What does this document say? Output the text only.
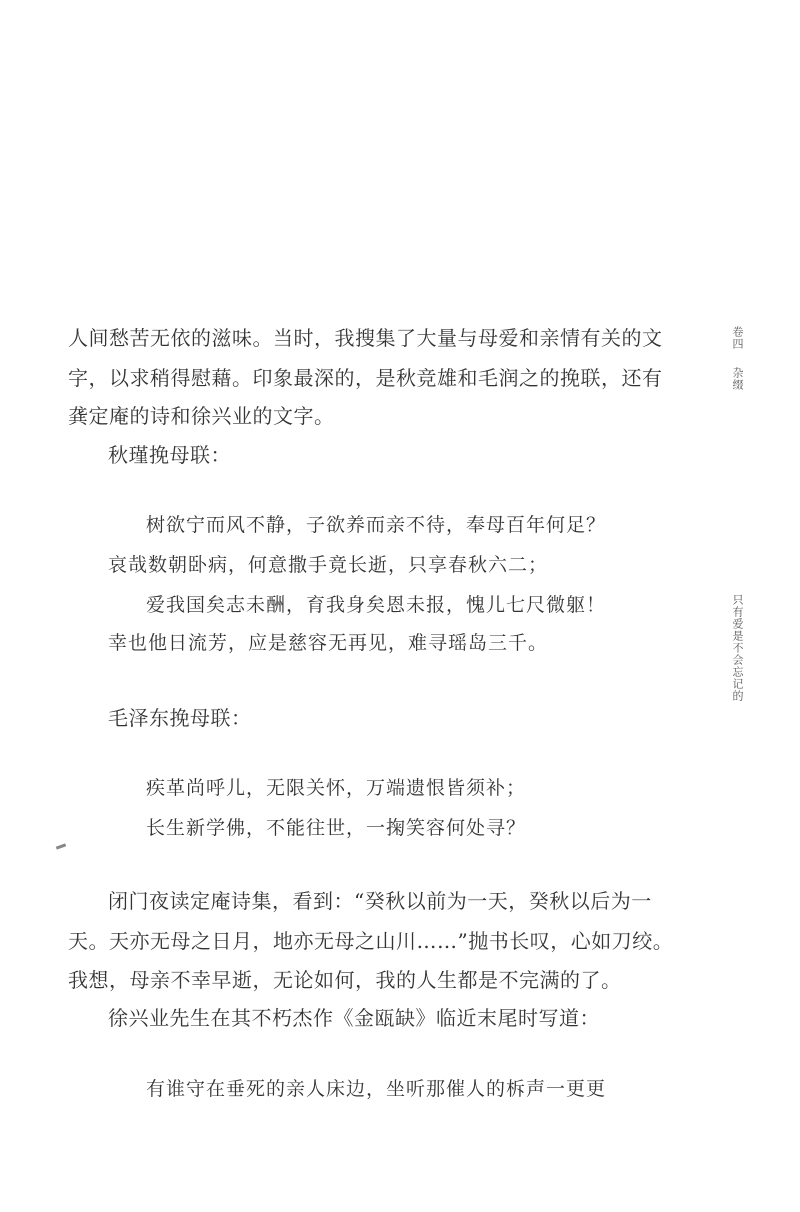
卷四
杂缀
只有爱是不会忘记的
人间愁苦无依的滋味。当时，我搜集了大量与母爱和亲情有关的文
字，以求稍得慰藉。印象最深的，是秋竞雄和毛润之的挽联，还有
龚定庵的诗和徐兴业的文字。
秋瑾挽母联：
树欲宁而风不静，子欲养而亲不待，奉母百年何足？
哀哉数朝卧病，何意撒手竟长逝，只享春秋六二；
爱我国矣志未酬，育我身矣恩未报，愧儿七尺微躯！
幸也他日流芳，应是慈容无再见，难寻瑶岛三千。
毛泽东挽母联：
疾革尚呼儿，无限关怀，万端遗恨皆须补；
长生新学佛，不能往世，一掬笑容何处寻？
闭门夜读定庵诗集，看到：“癸秋以前为一天，癸秋以后为一
天。天亦无母之日月，地亦无母之山川……”抛书长叹，心如刀绞。
我想，母亲不幸早逝，无论如何，我的人生都是不完满的了。
徐兴业先生在其不朽杰作《金瓯缺》临近末尾时写道：
有谁守在垂死的亲人床边，坐听那催人的柝声一更更
